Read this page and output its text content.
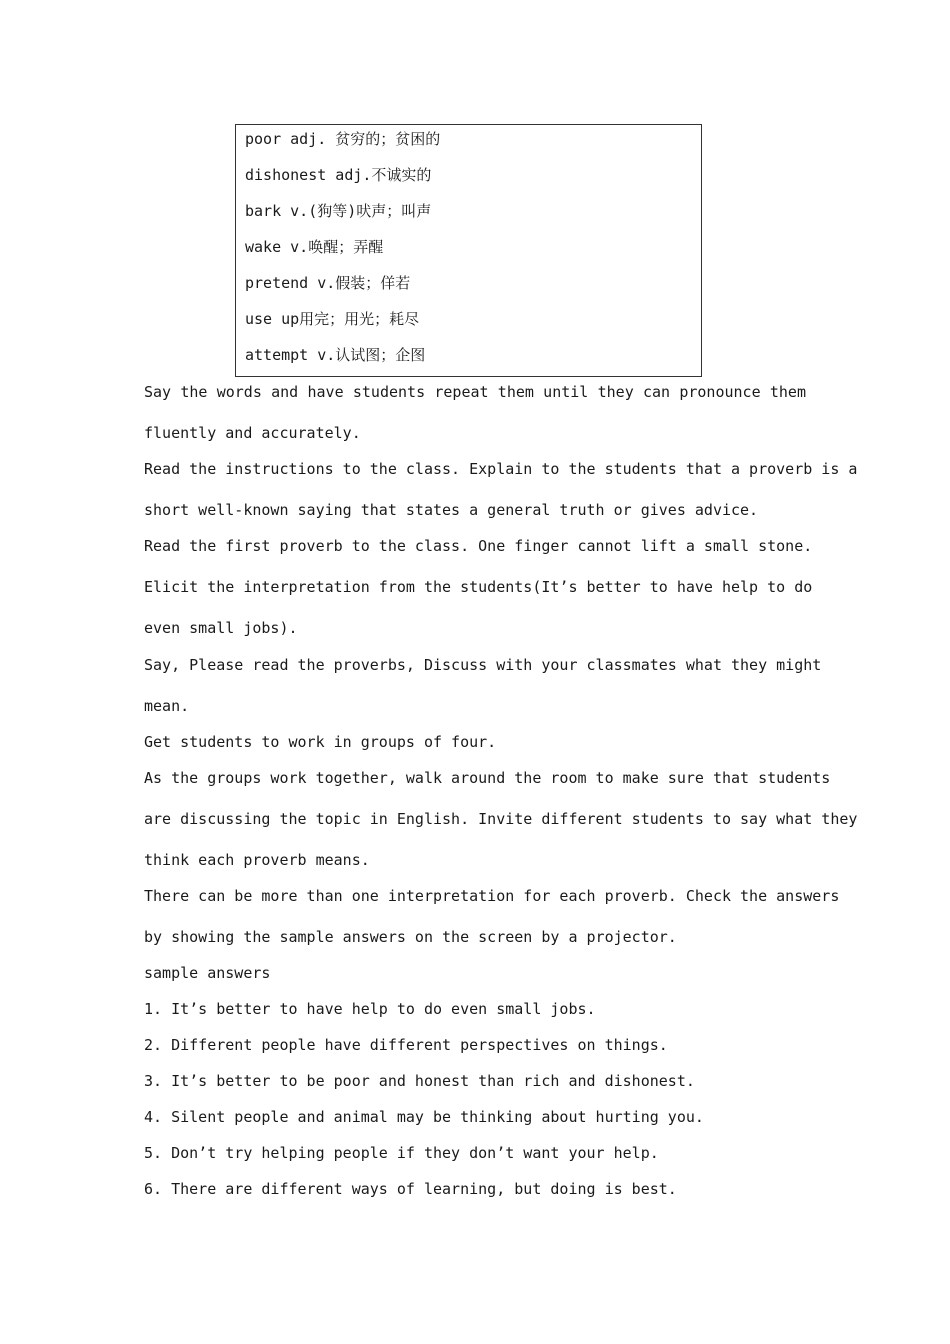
poor adj. 贫穷的；贫困的
dishonest adj.不诚实的
bark v.(狗等)吠声；叫声
wake v.唤醒；弄醒
pretend v.假装；佯若
use up用完；用光；耗尽
attempt v.认试图；企图
Say the words and have students repeat them until they can pronounce them
fluently and accurately.
Read the instructions to the class. Explain to the students that a proverb is a
short well-known saying that states a general truth or gives advice.
Read the first proverb to the class. One finger cannot lift a small stone.
Elicit the interpretation from the students(It’s better to have help to do
even small jobs).
Say, Please read the proverbs, Discuss with your classmates what they might
mean.
Get students to work in groups of four.
As the groups work together, walk around the room to make sure that students
are discussing the topic in English. Invite different students to say what they
think each proverb means.
There can be more than one interpretation for each proverb. Check the answers
by showing the sample answers on the screen by a projector.
sample answers
1. It’s better to have help to do even small jobs.
2. Different people have different perspectives on things.
3. It’s better to be poor and honest than rich and dishonest.
4. Silent people and animal may be thinking about hurting you.
5. Don’t try helping people if they don’t want your help.
6. There are different ways of learning, but doing is best.
